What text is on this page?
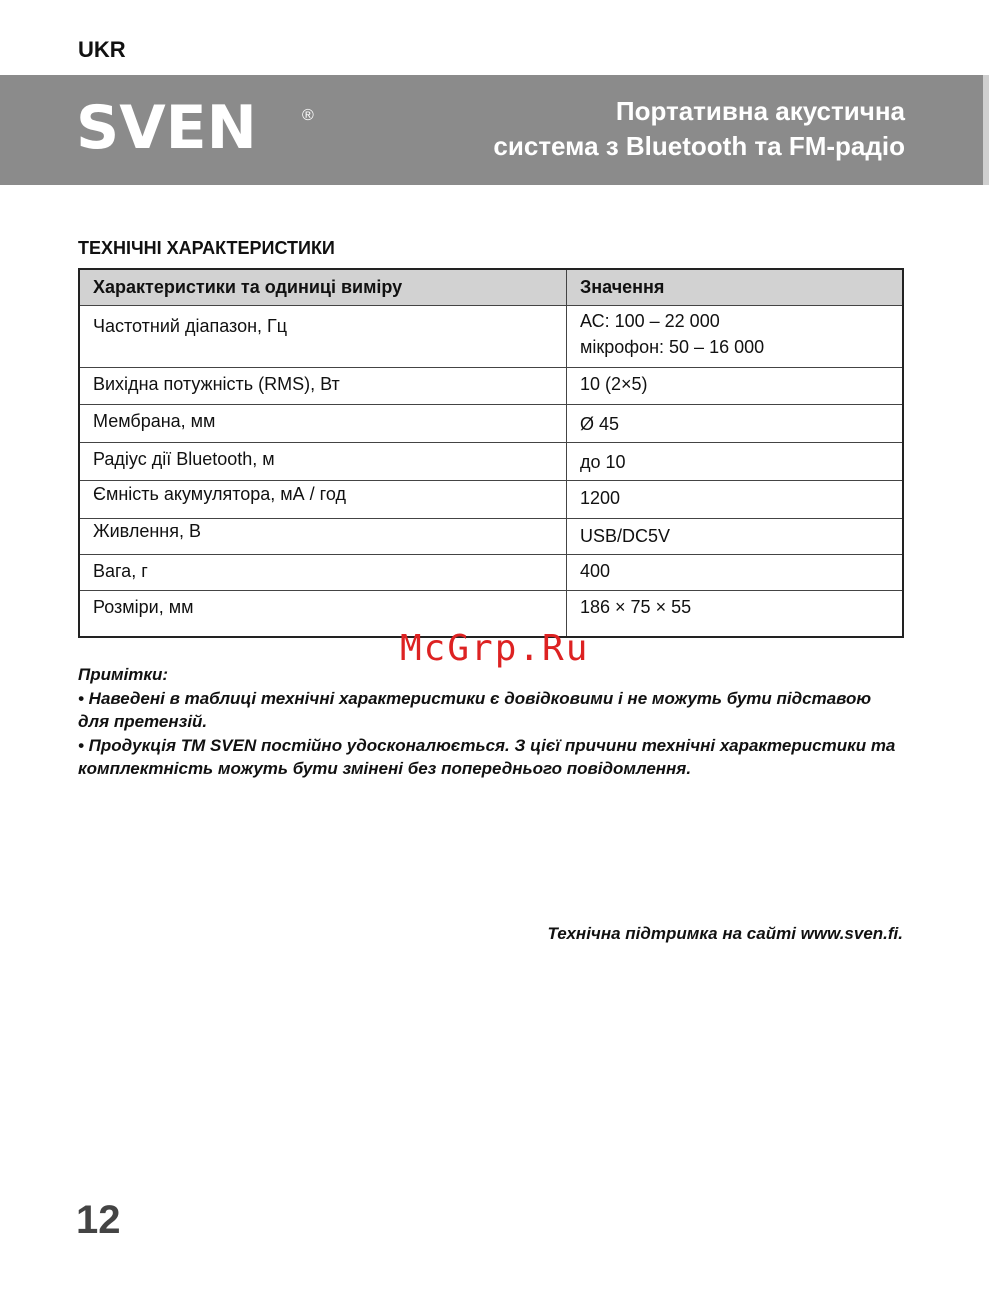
UKR
SVEN	®	Портативна акустична
система з Bluetooth та FM-радіо
ТЕХНІЧНІ ХАРАКТЕРИСТИКИ
Характеристики та одиниці виміру	Значення
Частотний діапазон, Гц	АС: 100 – 22 000
мікрофон: 50 – 16 000

Вихідна потужність (RMS), Вт	10 (2×5)
Мембрана, мм	Ø 45
Радіус дії Bluetooth, м	до 10
Ємність акумулятора, мА / год	1200
Живлення, В	USB/DC5V
Вага, г	400
Розміри, мм	186 × 75 × 55
McGrp.Ru

Примітки:

• Наведені в таблиці технічні характеристики є довідковими і не можуть бути підставою для претензій.

• Продукція TM SVEN постійно удосконалюється. З цієї причини технічні характеристики та комплектність можуть бути змінені без попереднього повідомлення.

Технічна підтримка на сайті www.sven.fi.
12
